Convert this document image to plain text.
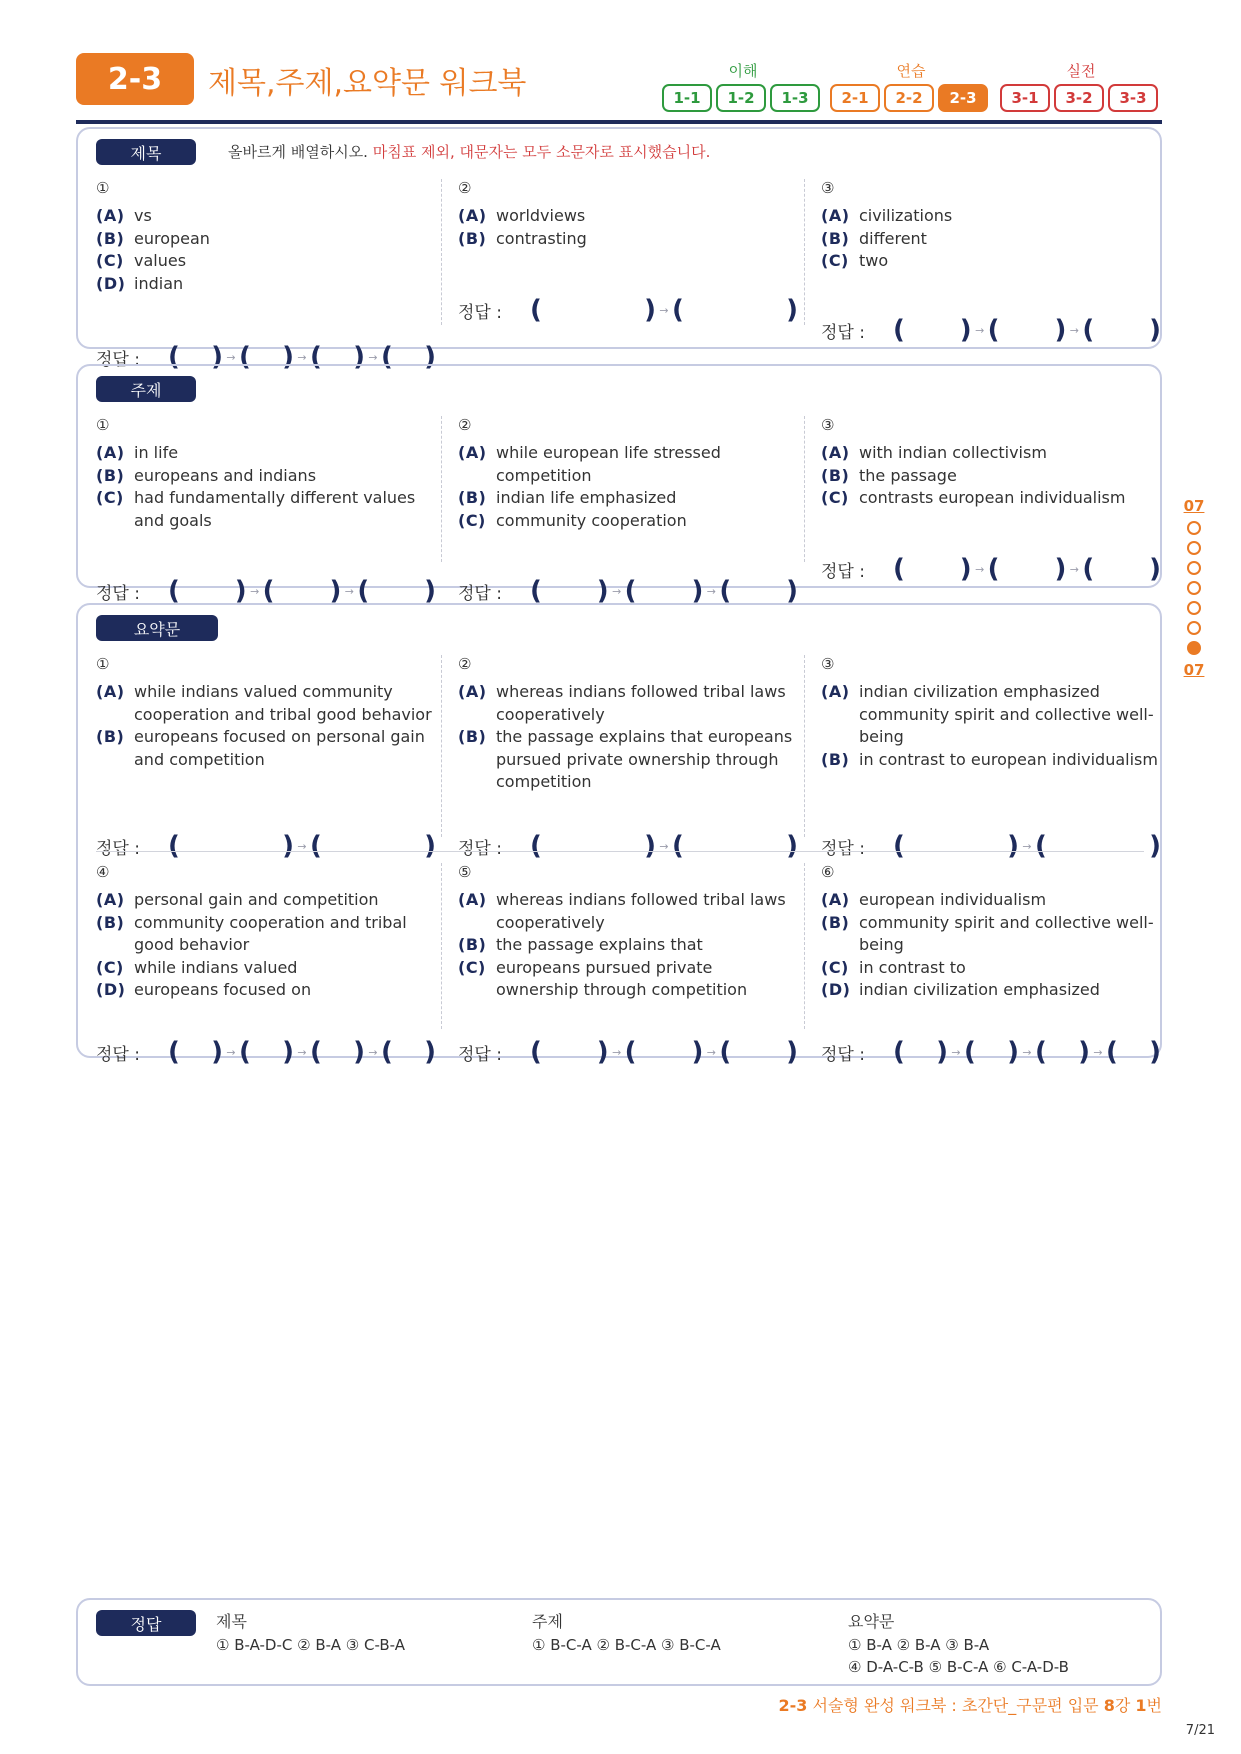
2-3	제목,주제,요약문 워크북	이해
1-1	1-2	1-3
연습
2-1	2-2	2-3
실전
3-1	3-2	3-3
제목	올바르게 배열하시오. 마침표 제외, 대문자는 모두 소문자로 표시했습니다.
①
(A) vs
(B) european
(C) values
(D) indian
정답 :	( ) → ( ) → ( ) → ( )
②
(A) worldviews
(B) contrasting
정답 :	(	) → (	)
③
(A) civilizations
(B) different
(C) two
정답 :	( ) → ( ) → ( )
주제
①
(A) in life
(B) europeans and indians
(C) had fundamentally different values and goals
정답 :	( ) → ( ) → ( )
②
(A) while european life stressed competition
(B) indian life emphasized
(C) community cooperation
정답 :	( ) → ( ) → ( )
③
(A) with indian collectivism
(B) the passage
(C) contrasts european individualism
정답 :	( ) → ( ) → ( )
요약문
①
(A) while indians valued community cooperation and tribal good behavior
(B) europeans focused on personal gain and competition
정답 :	(	) → (	)
②
(A) whereas indians followed tribal laws cooperatively
(B) the passage explains that europeans pursued private ownership through competition
정답 :	(	) → (	)
③
(A) indian civilization emphasized community spirit and collective well-being
(B) in contrast to european individualism
정답 :	(	) → (	)
④
(A) personal gain and competition
(B) community cooperation and tribal good behavior
(C) while indians valued
(D) europeans focused on
정답 :	( ) → ( ) → ( ) → ( )
⑤
(A) whereas indians followed tribal laws cooperatively
(B) the passage explains that
(C) europeans pursued private ownership through competition
정답 :	( ) → ( ) → ( )
⑥
(A) european individualism
(B) community spirit and collective well-being
(C) in contrast to
(D) indian civilization emphasized
정답 :	( ) → ( ) → ( ) → ( )
07
07
정답	제목
① B-A-D-C ② B-A ③ C-B-A
주제
① B-C-A ② B-C-A ③ B-C-A
요약문
① B-A ② B-A ③ B-A
④ D-A-C-B ⑤ B-C-A ⑥ C-A-D-B
2-3 서술형 완성 워크북 : 초간단_구문편 입문 8강 1번
7/21
